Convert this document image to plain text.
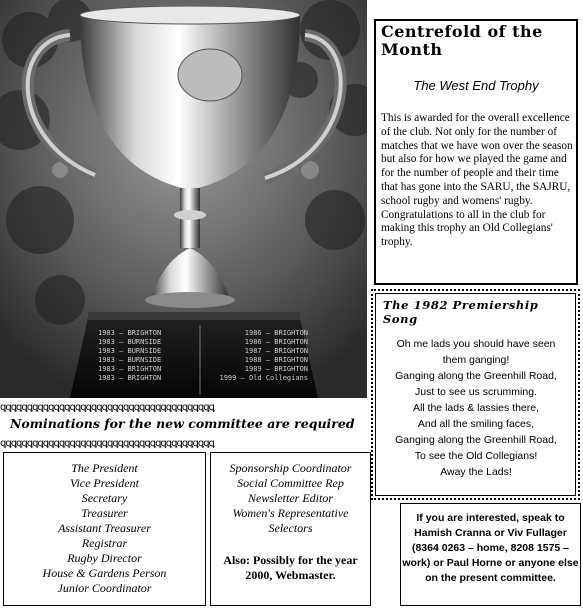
1983 — BRIGHTON	1986 — BRIGHTON
1983 — BURNSIDE	1986 — BRIGHTON
1983 — BURNSIDE	1987 — BRIGHTON
1983 — BURNSIDE	1988 — BRIGHTON
1983 — BRIGHTON	1989 — BRIGHTON
1983 — BRIGHTON	1999 — Old Collegians
Centrefold of the Month
The West End Trophy
This is awarded for the overall excellence of the club. Not only for the number of matches that we have won over the season but also for how we played the game and for the number of people and their time that has gone into the SARU, the SAJRU, school rugby and womens' rugby. Congratulations to all in the club for making this trophy an Old Collegians' trophy.
The 1982 Premiership Song
Oh me lads you should have seen
them ganging!
Ganging along the Greenhill Road,
Just to see us scrumming.
All the lads & lassies there,
And all the smiling faces,
Ganging along the Greenhill Road,
To see the Old Collegians!
Away the Lads!
ꝗꝗꝗꝗꝗꝗꝗꝗꝗꝗꝗꝗꝗꝗꝗꝗꝗꝗꝗꝗꝗꝗꝗꝗꝗꝗꝗꝗꝗꝗꝗꝗꝗꝗꝗꝗꝗꝗꝗꝗ
Nominations for the new committee are required
ꝗꝗꝗꝗꝗꝗꝗꝗꝗꝗꝗꝗꝗꝗꝗꝗꝗꝗꝗꝗꝗꝗꝗꝗꝗꝗꝗꝗꝗꝗꝗꝗꝗꝗꝗꝗꝗꝗꝗꝗ
The President
Vice President
Secretary
Treasurer
Assistant Treasurer
Registrar
Rugby Director
House & Gardens Person
Junior Coordinator
Sponsorship Coordinator
Social Committee Rep
Newsletter Editor
Women's Representative
Selectors
Also: Possibly for the year 2000, Webmaster.
If you are interested, speak to Hamish Cranna or Viv Fullager (8364 0263 – home, 8208 1575 – work) or Paul Horne or anyone else on the present committee.
